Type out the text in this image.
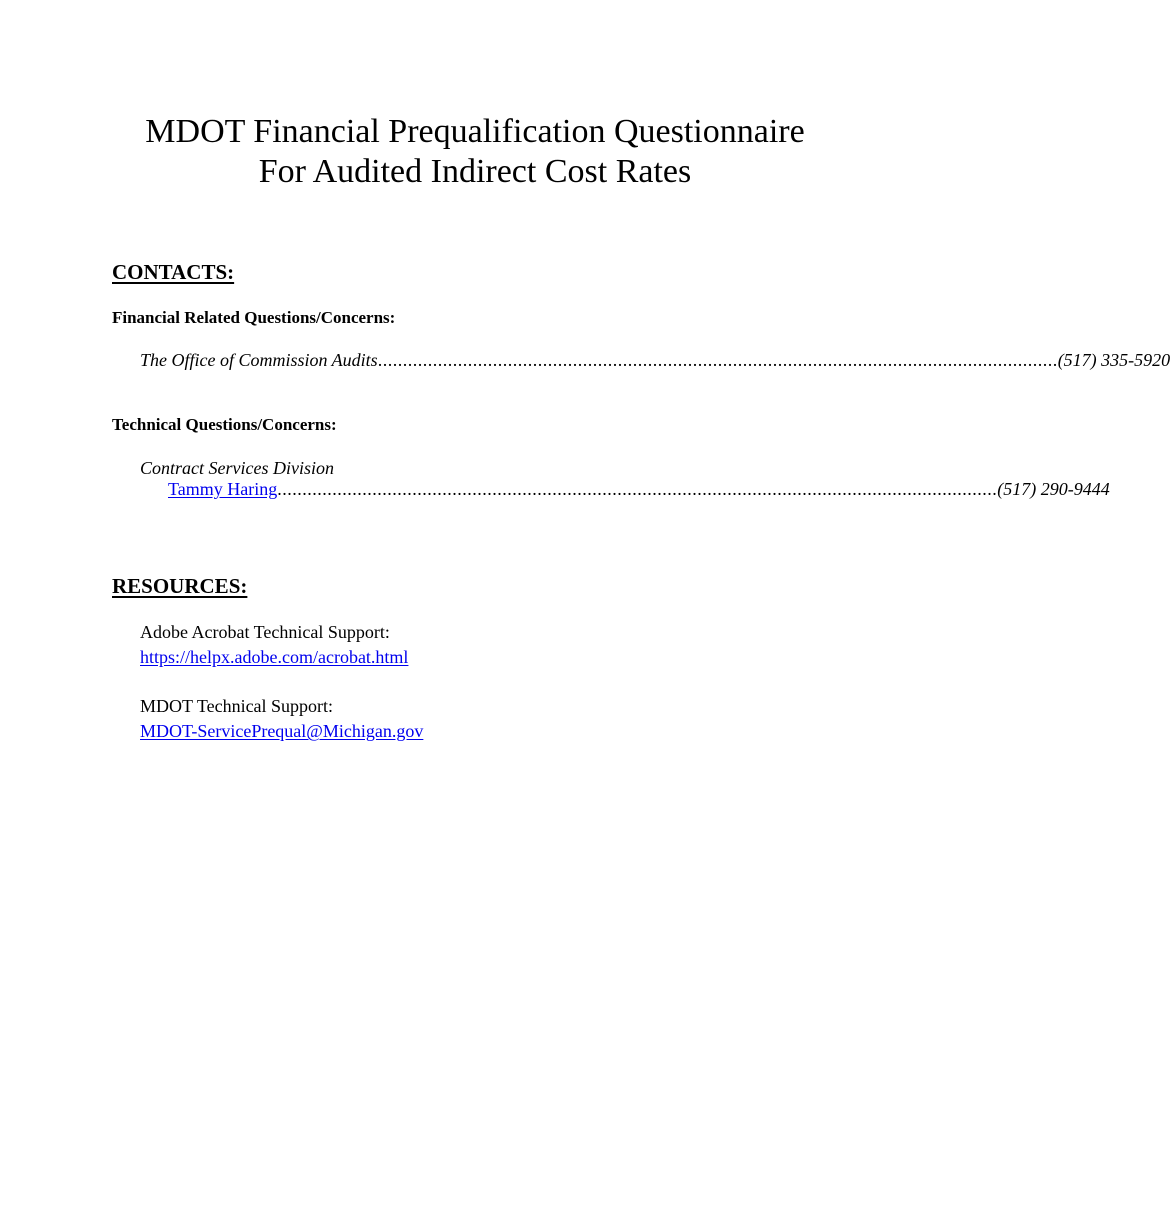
MDOT Financial Prequalification Questionnaire
For Audited Indirect Cost Rates
CONTACTS:
Financial Related Questions/Concerns:
The Office of Commission Audits ........................................................................................................................................ (517) 335-5920
Technical Questions/Concerns:
Contract Services Division
Tammy Haring ................................................................................................................................................ (517) 290-9444
RESOURCES:
Adobe Acrobat Technical Support:
https://helpx.adobe.com/acrobat.html
MDOT Technical Support:
MDOT-ServicePrequal@Michigan.gov
